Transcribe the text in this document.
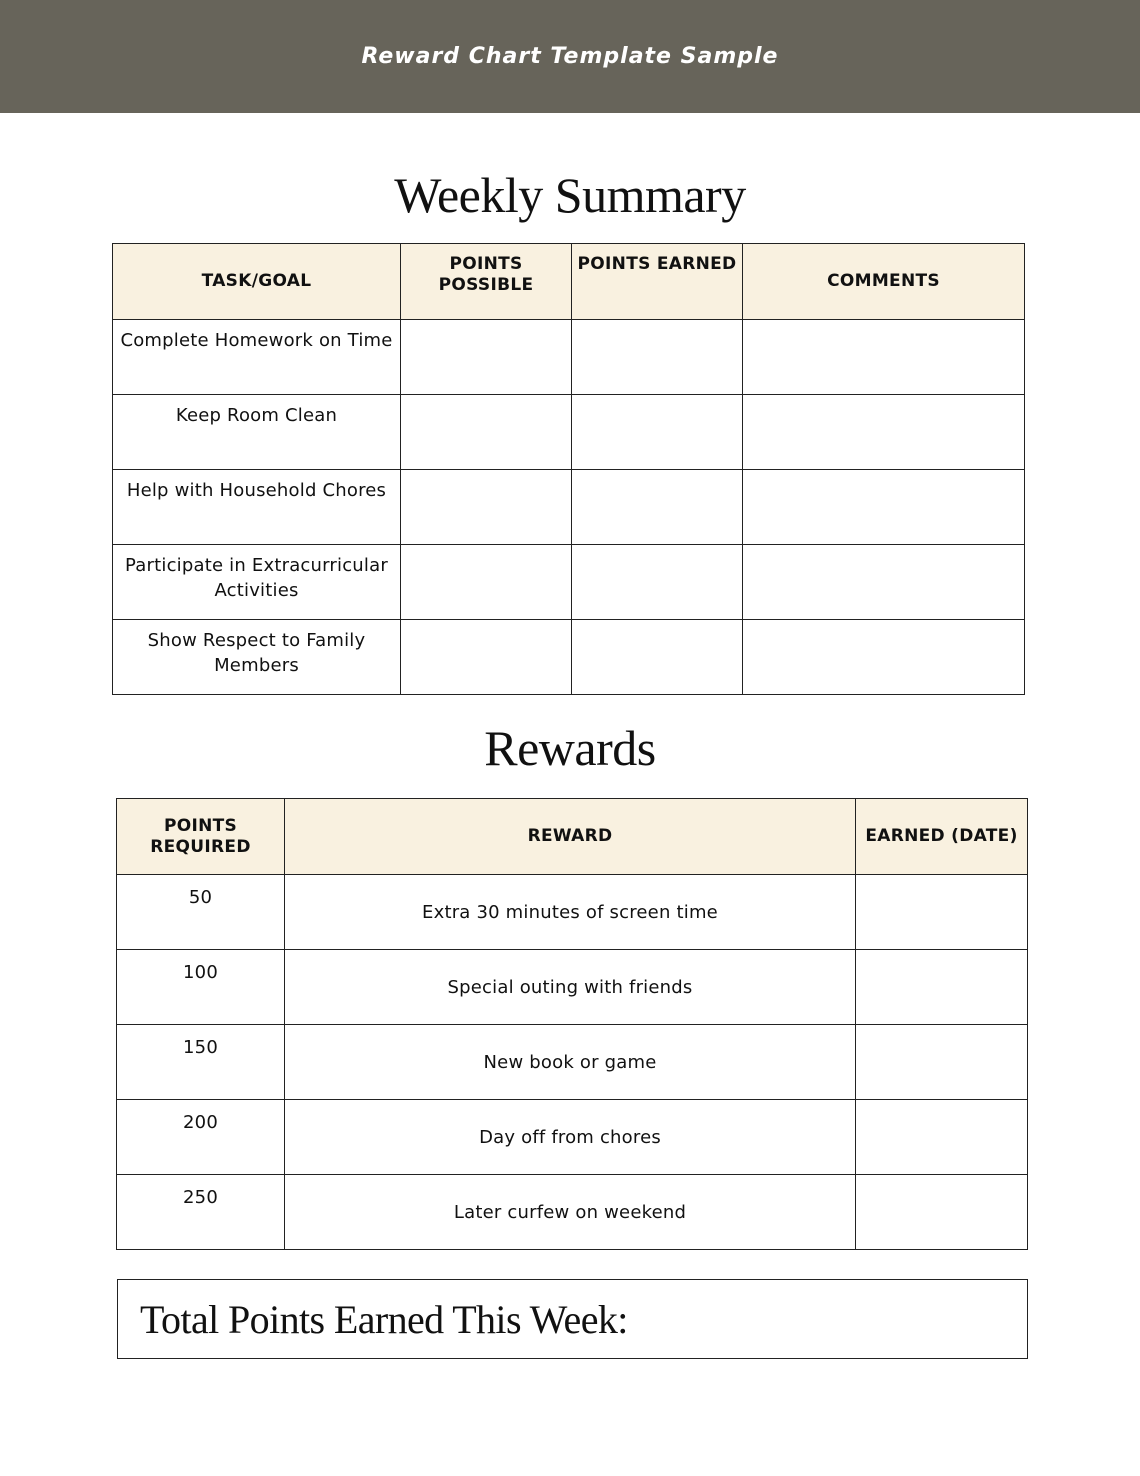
Reward Chart Template Sample
Weekly Summary
TASK/GOAL	POINTS POSSIBLE	POINTS EARNED	COMMENTS
Complete Homework on Time			
Keep Room Clean			
Help with Household Chores			
Participate in Extracurricular Activities			
Show Respect to Family Members			
Rewards
POINTS REQUIRED	REWARD	EARNED (DATE)
50	Extra 30 minutes of screen time	
100	Special outing with friends	
150	New book or game	
200	Day off from chores	
250	Later curfew on weekend	
Total Points Earned This Week:
